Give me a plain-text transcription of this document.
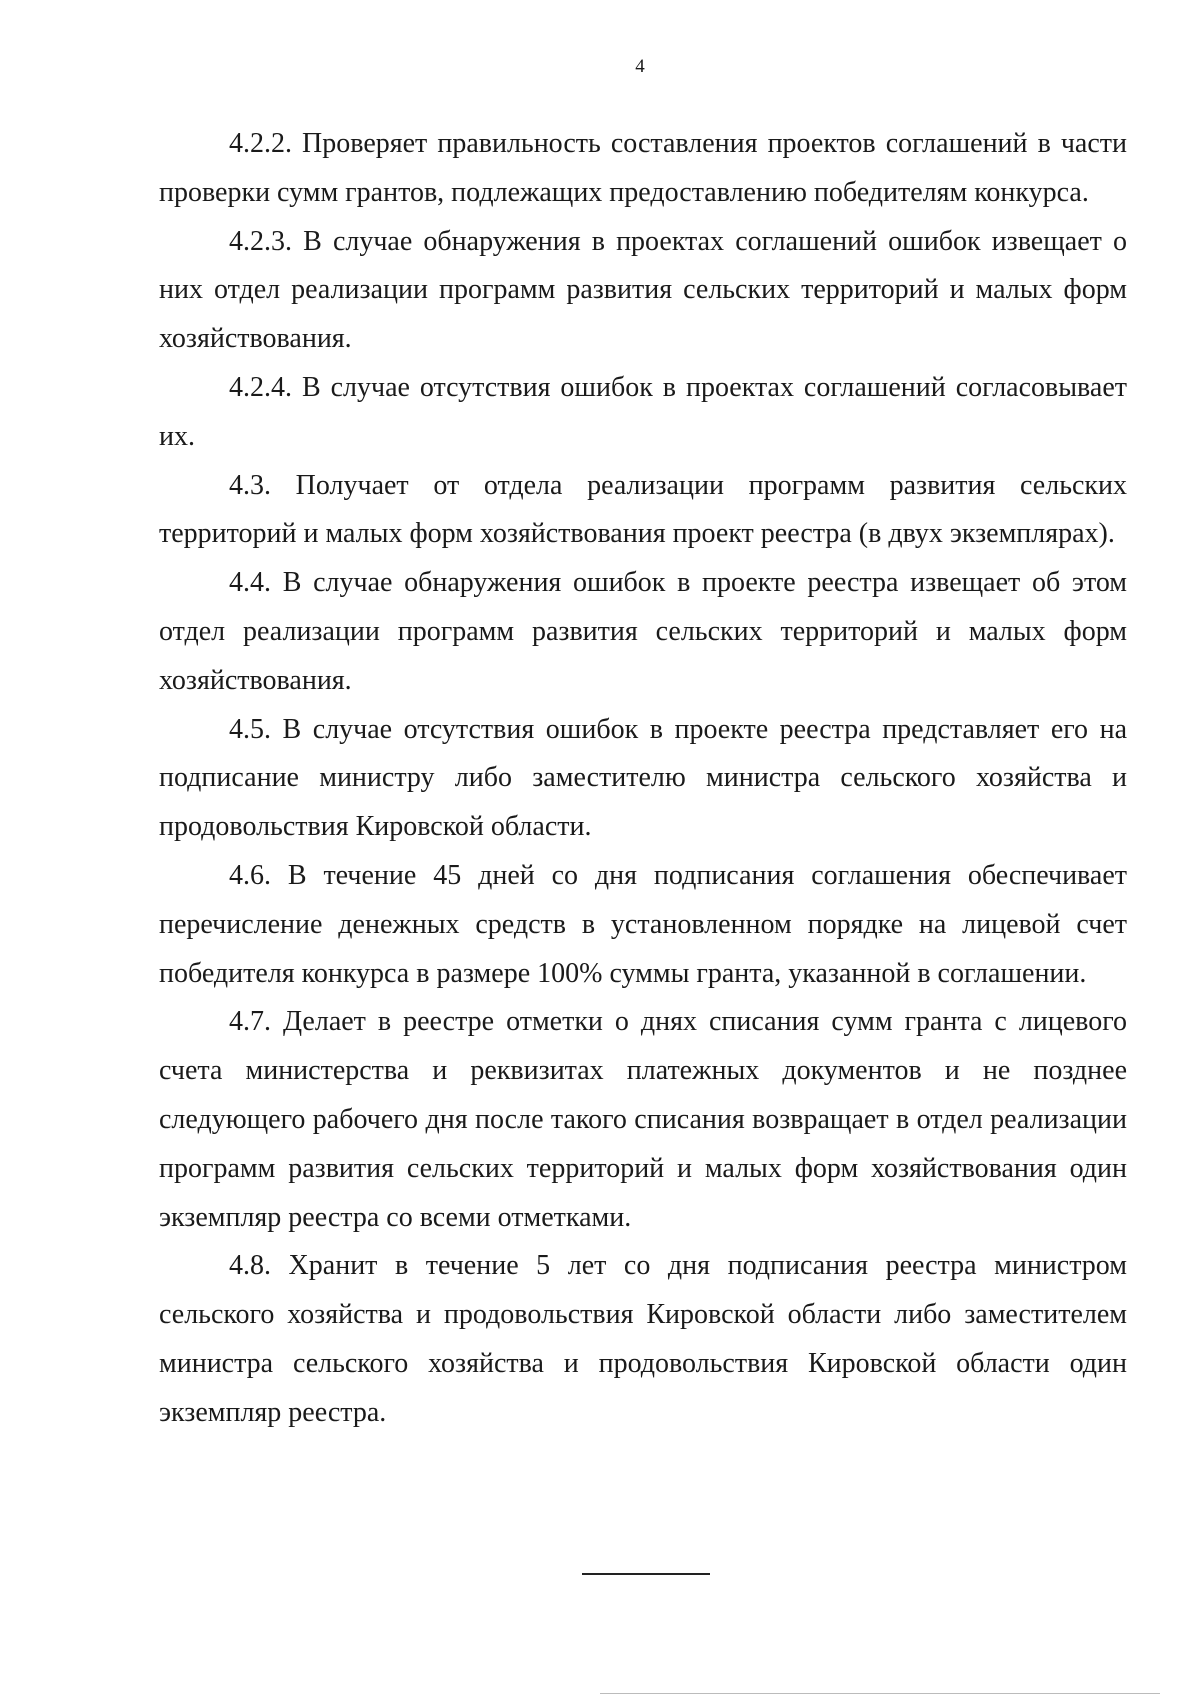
4

4.2.2. Проверяет правильность составления проектов соглашений в части проверки сумм грантов, подлежащих предоставлению победителям конкурса.

4.2.3. В случае обнаружения в проектах соглашений ошибок извещает о них отдел реализации программ развития сельских территорий и малых форм хозяйствования.

4.2.4. В случае отсутствия ошибок в проектах соглашений согласовывает их.

4.3. Получает от отдела реализации программ развития сельских территорий и малых форм хозяйствования проект реестра (в двух экземплярах).

4.4. В случае обнаружения ошибок в проекте реестра извещает об этом отдел реализации программ развития сельских территорий и малых форм хозяйствования.

4.5. В случае отсутствия ошибок в проекте реестра представляет его на подписание министру либо заместителю министра сельского хозяйства и продовольствия Кировской области.

4.6. В течение 45 дней со дня подписания соглашения обеспечивает перечисление денежных средств в установленном порядке на лицевой счет победителя конкурса в размере 100% суммы гранта, указанной в соглашении.

4.7. Делает в реестре отметки о днях списания сумм гранта с лицевого счета министерства и реквизитах платежных документов и не позднее следующего рабочего дня после такого списания возвращает в отдел реализации программ развития сельских территорий и малых форм хозяйствования один экземпляр реестра со всеми отметками.

4.8. Хранит в течение 5 лет со дня подписания реестра министром сельского хозяйства и продовольствия Кировской области либо заместителем министра сельского хозяйства и продовольствия Кировской области один экземпляр реестра.
